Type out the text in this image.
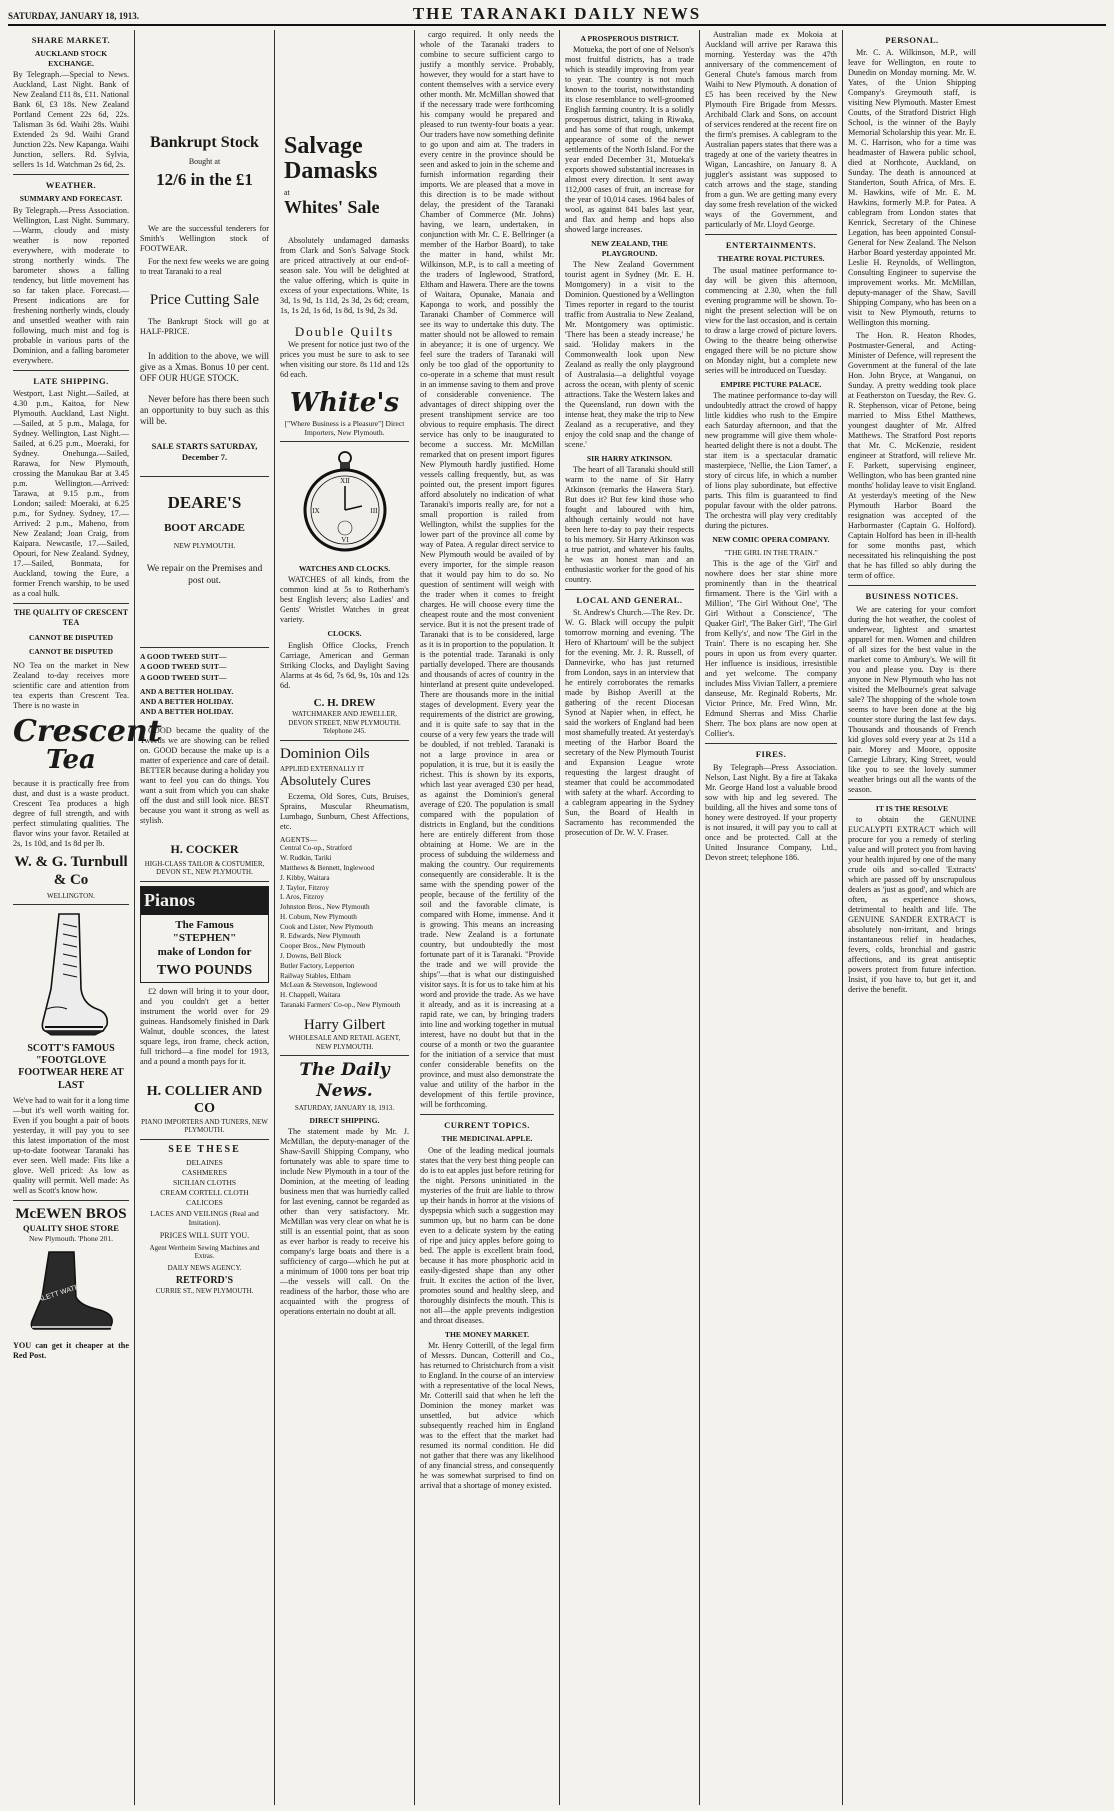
SATURDAY, JANUARY 18, 1913.	THE TARANAKI DAILY NEWS
SHARE MARKET.
AUCKLAND STOCK EXCHANGE.

By Telegraph.—Special to News. Auckland, Last Night. Bank of New Zealand £11 8s, £11. National Bank 6l, £3 18s. New Zealand Portland Cement 22s 6d, 22s. Talisman 3s 6d. Waihi 28s. Waihi Extended 2s 9d. Waihi Grand Junction 22s. New Kapanga. Waihi Junction, sellers. Rd. Sylvia, sellers 1s 1d. Watchman 2s 6d, 2s.

WEATHER.
SUMMARY AND FORECAST.

By Telegraph.—Press Association. Wellington, Last Night. Summary.—Warm, cloudy and misty weather is now reported everywhere, with moderate to strong northerly winds. The barometer shows a falling tendency, but little movement has so far taken place. Forecast.—Present indications are for freshening northerly winds, cloudy and unsettled weather with rain following, much mist and fog is probable in various parts of the Dominion, and a falling barometer everywhere.

LATE SHIPPING.

Westport, Last Night.—Sailed, at 4.30 p.m., Kaitoa, for New Plymouth. Auckland, Last Night.—Sailed, at 5 p.m., Malaga, for Sydney. Wellington, Last Night.—Sailed, at 6.25 p.m., Moeraki, for Sydney. Onehunga.—Sailed, Rarawa, for New Plymouth, crossing the Manukau Bar at 3.45 p.m. Wellington.—Arrived: Tarawa, at 9.15 p.m., from London; sailed: Moeraki, at 6.25 p.m., for Sydney. Sydney, 17.—Arrived: 2 p.m., Maheno, from New Zealand; Joan Craig, from Kaipara. Newcastle, 17.—Sailed, Opouri, for New Zealand. Sydney, 17.—Sailed, Bonmata, for Auckland, towing the Eure, a former French warship, to be used as a coal hulk.

THE QUALITY OF CRESCENT TEA
CANNOT BE DISPUTED
CANNOT BE DISPUTED

NO Tea on the market in New Zealand to-day receives more scientific care and attention from tea experts than Crescent Tea. There is no waste in

Crescent
Tea

because it is practically free from dust, and dust is a waste product. Crescent Tea produces a high degree of full strength, and with perfect stimulating qualities. The flavor wins your favor. Retailed at 2s, 1s 10d, and 1s 8d per lb.

W. & G. Turnbull & Co
WELLINGTON.
SCOTT'S FAMOUS "FOOTGLOVE FOOTWEAR HERE AT LAST

We've had to wait for it a long time—but it's well worth waiting for. Even if you bought a pair of boots yesterday, it will pay you to see this latest importation of the most up-to-date footwear Taranaki has ever seen. Well made: Fits like a glove. Well priced: As low as quality will permit. Well made: As well as Scott's know how.

McEWEN BROS
QUALITY SHOE STORE
New Plymouth. 'Phone 201.
SEALETT WATERPROOF

YOU can get it cheaper at the Red Post.

Bankrupt Stock
Bought at
12/6 in the £1

We are the successful tenderers for Smith's Wellington stock of FOOTWEAR.

For the next few weeks we are going to treat Taranaki to a real

Price Cutting Sale

The Bankrupt Stock will go at HALF-PRICE.

In addition to the above, we will give as a Xmas. Bonus 10 per cent. OFF OUR HUGE STOCK.

Never before has there been such an opportunity to buy such as this will be.

SALE STARTS SATURDAY, December 7.
DEARE'S
BOOT ARCADE
NEW PLYMOUTH.
We repair on the Premises and post out.
A GOOD TWEED SUIT—
A GOOD TWEED SUIT—
A GOOD TWEED SUIT—
AND A BETTER HOLIDAY.
AND A BETTER HOLIDAY.
AND A BETTER HOLIDAY.

GOOD became the quality of the Tweeds we are showing can be relied on. GOOD because the make up is a matter of experience and care of detail. BETTER because during a holiday you want to feel you can do things. You want a suit from which you can shake off the dust and still look nice. BEST because you want it strong as well as stylish.

H. COCKER
HIGH-CLASS TAILOR & COSTUMIER, DEVON ST., NEW PLYMOUTH.
Pianos
The Famous
"STEPHEN"
make of London for
TWO POUNDS

£2 down will bring it to your door, and you couldn't get a better instrument the world over for 29 guineas. Handsomely finished in Dark Walnut, double sconces, the latest square legs, iron frame, check action, full trichord—a fine model for 1913, and a pound a month pays for it.

H. COLLIER AND CO
PIANO IMPORTERS AND TUNERS, NEW PLYMOUTH.
SEE THESE
DELAINES
CASHMERES
SICILIAN CLOTHS
CREAM CORTELL CLOTH
CALICOES
LACES AND VEILINGS (Real and Imitation).
PRICES WILL SUIT YOU.
Agent Wertheim Sewing Machines and Extras.
DAILY NEWS AGENCY.
RETFORD'S
CURRIE ST., NEW PLYMOUTH.
Salvage Damasks
at
Whites' Sale

Absolutely undamaged damasks from Clark and Son's Salvage Stock are priced attractively at our end-of-season sale. You will be delighted at the value offering, which is quite in excess of your expectations. White, 1s 3d, 1s 9d, 1s 11d, 2s 3d, 2s 6d; cream, 1s, 1s 2d, 1s 6d, 1s 8d, 1s 9d, 2s 3d.

Double Quilts

We present for notice just two of the prices you must be sure to ask to see when visiting our store. 8s 11d and 12s 6d each.

White's
["Where Business is a Pleasure"] Direct Importers, New Plymouth.
XII
III
VI
IX
WATCHES AND CLOCKS.

WATCHES of all kinds, from the common kind at 5s to Rotherham's best English levers; also Ladies' and Gents' Wristlet Watches in great variety.

CLOCKS.

English Office Clocks, French Carriage, American and German Striking Clocks, and Daylight Saving Alarms at 4s 6d, 7s 6d, 9s, 10s and 12s 6d.

C. H. DREW
WATCHMAKER AND JEWELLER, DEVON STREET, NEW PLYMOUTH. Telephone 245.
Dominion Oils
APPLIED EXTERNALLY IT
Absolutely Cures

Eczema, Old Sores, Cuts, Bruises, Sprains, Muscular Rheumatism, Lumbago, Sunburn, Chest Affections, etc.

AGENTS—
Central Co-op., Stratford
W. Rudkin, Tariki
Matthews & Bennett, Inglewood
J. Kibby, Waitara
J. Taylor, Fitzroy
I. Aros, Fitzroy
Johnston Bros., New Plymouth
H. Cobum, New Plymouth
Cook and Lister, New Plymouth
R. Edwards, New Plymouth
Cooper Bros., New Plymouth
J. Downs, Bell Block
Butler Factory, Lepperton
Railway Stables, Eltham
McLean & Stevenson, Inglewood
H. Chappell, Waitara
Taranaki Farmers' Co-op., New Plymouth
Harry Gilbert
WHOLESALE AND RETAIL AGENT, NEW PLYMOUTH.
The Daily News.
SATURDAY, JANUARY 18, 1913.
DIRECT SHIPPING.

The statement made by Mr. J. McMillan, the deputy-manager of the Shaw-Savill Shipping Company, who fortunately was able to spare time to include New Plymouth in a tour of the Dominion, at the meeting of leading business men that was hurriedly called for last evening, cannot be regarded as other than very satisfactory. Mr. McMillan was very clear on what he is still is an essential point, that as soon as ever harbor is ready to receive his company's large boats and there is a sufficiency of cargo—which he put at a minimum of 1000 tons per boat trip—the vessels will call. On the readiness of the harbor, those who are acquainted with the progress of operations entertain no doubt at all.

cargo required. It only needs the whole of the Taranaki traders to combine to secure sufficient cargo to justify a monthly service. Probably, however, they would for a start have to content themselves with a service every other month. Mr. McMillan showed that if the necessary trade were forthcoming his company would be prepared and pleased to run twenty-four boats a year. Our traders have now something definite to go upon and aim at. The traders in every centre in the province should be seen and asked to join in the scheme and furnish information regarding their imports. We are pleased that a move in this direction is to be made without delay, the president of the Taranaki Chamber of Commerce (Mr. Johns) having, we learn, undertaken, in conjunction with Mr. C. E. Bellringer (a member of the Harbor Board), to take the matter in hand, whilst Mr. Wilkinson, M.P., is to call a meeting of the traders of Inglewood, Stratford, Eltham and Hawera. There are the towns of Waitara, Opunake, Manaia and Kaponga to work, and possibly the Taranaki Chamber of Commerce will see its way to undertake this duty. The matter should not be allowed to remain in abeyance; it is one of urgency. We feel sure the traders of Taranaki will only be too glad of the opportunity to co-operate in a scheme that must result in an immense saving to them and prove of considerable convenience. The advantages of direct shipping over the present transhipment service are too obvious to require emphasis. The direct service has only to be inaugurated to become a success. Mr. McMillan remarked that on present import figures New Plymouth hardly justified. Home vessels calling frequently, but, as was pointed out, the present import figures afford absolutely no indication of what Taranaki's imports really are, for not a small proportion is railed from Wellington, whilst the supplies for the lower part of the province all come by way of Patea. A regular direct service to New Plymouth would be availed of by every importer, for the simple reason that it would pay him to do so. No question of sentiment will weigh with the trader when it comes to freight charges. He will choose every time the cheapest route and the most convenient service. But it is not the present trade of Taranaki that is to be considered, large as it is in proportion to the population. It is the potential trade. Taranaki is only partially developed. There are thousands and thousands of acres of country in the hinterland at present quite undeveloped. There are thousands more in the initial stages of development. Every year the requirements of the district are growing, and it is quite safe to say that in the course of a very few years the trade will be doubled, if not trebled. Taranaki is not a large province in area or population, it is true, but it is easily the richest. This is shown by its exports, which last year averaged £30 per head, as against the Dominion's general average of £20. The population is small compared with the population of districts in England, but the conditions here are entirely different from those obtaining at Home. We are in the process of subduing the wilderness and making the country. Our requirements consequently are considerable. It is the same with the spending power of the people, because of the fertility of the soil and the favorable climate, is compared with Home, immense. And it is growing. This means an increasing trade. New Zealand is a fortunate country, but undoubtedly the most fortunate part of it is Taranaki. "Provide the trade and we will provide the ships"—that is what our distinguished visitor says. It is for us to take him at his word and provide the trade. As we have it already, and as it is increasing at a rapid rate, we can, by bringing traders into line and working together in mutual interest, have no doubt but that in the course of a month or two the guarantee for the initiation of a service that must confer considerable benefits on the province, and must also demonstrate the value and utility of the harbor in the development of this fertile province, will be forthcoming.

CURRENT TOPICS.
THE MEDICINAL APPLE.

One of the leading medical journals states that the very best thing people can do is to eat apples just before retiring for the night. Persons uninitiated in the mysteries of the fruit are liable to throw up their hands in horror at the visions of dyspepsia which such a suggestion may summon up, but no harm can be done even to a delicate system by the eating of ripe and juicy apples before going to bed. The apple is excellent brain food, because it has more phosphoric acid in easily-digested shape than any other fruit. It excites the action of the liver, promotes sound and healthy sleep, and thoroughly disinfects the mouth. This is not all—the apple prevents indigestion and throat diseases.

THE MONEY MARKET.

Mr. Henry Cotterill, of the legal firm of Messrs. Duncan, Cotterill and Co., has returned to Christchurch from a visit to England. In the course of an interview with a representative of the local News, Mr. Cotterill said that when he left the Dominion the money market was unsettled, but advice which subsequently reached him in England was to the effect that the market had resumed its normal condition. He did not gather that there was any likelihood of any financial stress, and consequently he was somewhat surprised to find on arrival that a shortage of money existed.

A PROSPEROUS DISTRICT.

Motueka, the port of one of Nelson's most fruitful districts, has a trade which is steadily improving from year to year. The country is not much known to the tourist, notwithstanding its close resemblance to well-groomed English farming country. It is a solidly prosperous district, taking in Riwaka, and has some of that rough, unkempt appearance of some of the newer settlements of the North Island. For the year ended December 31, Motueka's exports showed substantial increases in almost every direction. It sent away 112,000 cases of fruit, an increase for the year of 10,014 cases. 1964 bales of wool, as against 841 bales last year, and flax and hemp and hops also showed large increases.

NEW ZEALAND, THE PLAYGROUND.

The New Zealand Government tourist agent in Sydney (Mr. E. H. Montgomery) in a visit to the Dominion. Questioned by a Wellington Times reporter in regard to the tourist traffic from Australia to New Zealand, Mr. Montgomery was optimistic. 'There has been a steady increase,' he said. 'Holiday makers in the Commonwealth look upon New Zealand as really the only playground of Australasia—a delightful voyage across the ocean, with plenty of scenic attractions. Take the Western lakes and the Queensland, run down with the intense heat, they make the trip to New Zealand as a recuperative, and they enjoy the cold snap and the change of scene.'

SIR HARRY ATKINSON.

The heart of all Taranaki should still warm to the name of Sir Harry Atkinson (remarks the Hawera Star). But does it? But few kind those who fought and laboured with him, although certainly would not have been here to-day to pay their respects to his memory. Sir Harry Atkinson was a true patriot, and whatever his faults, he was an honest man and an enthusiastic worker for the good of his country.

LOCAL AND GENERAL.

St. Andrew's Church.—The Rev. Dr. W. G. Black will occupy the pulpit tomorrow morning and evening. 'The Hero of Khartoum' will be the subject for the evening. Mr. J. R. Russell, of Dannevirke, who has just returned from London, says in an interview that he entirely corroborates the remarks made by Bishop Averill at the gathering of the recent Diocesan Synod at Napier when, in effect, he said the workers of England had been most shamefully treated. At yesterday's meeting of the Harbor Board the secretary of the New Plymouth Tourist and Expansion League wrote requesting the largest draught of steamer that could be accommodated with safety at the wharf. According to a cablegram appearing in the Sydney Sun, the Board of Health in Sacramento has recommended the prosecution of Dr. W. V. Fraser.

Australian made ex Mokoia at Auckland will arrive per Rarawa this morning. Yesterday was the 47th anniversary of the commencement of General Chute's famous march from Waihi to New Plymouth. A donation of £5 has been received by the New Plymouth Fire Brigade from Messrs. Archibald Clark and Sons, on account of services rendered at the recent fire on the firm's premises. A cablegram to the Australian papers states that there was a tragedy at one of the variety theatres in Wigan, Lancashire, on January 8. A juggler's assistant was supposed to catch arrows and the stage, standing from a gun. We are getting many every day some fresh revelation of the wicked ways of the Government, and particularly of Mr. Lloyd George.

ENTERTAINMENTS.
THEATRE ROYAL PICTURES.

The usual matinee performance to-day will be given this afternoon, commencing at 2.30, when the full evening programme will be shown. To-night the present selection will be on view for the last occasion, and is certain to draw a large crowd of picture lovers. Owing to the theatre being otherwise engaged there will be no picture show on Monday night, but a complete new series will be introduced on Tuesday.

EMPIRE PICTURE PALACE.

The matinee performance to-day will undoubtedly attract the crowd of happy little kiddies who rush to the Empire each Saturday afternoon, and that the new programme will give them whole-hearted delight there is not a doubt. The star item is a spectacular dramatic masterpiece, 'Nellie, the Lion Tamer', a story of circus life, in which a number of lions play subordinate, but effective parts. This film is guaranteed to find popular favour with the older patrons. The orchestra will play very creditably during the pictures.

NEW COMIC OPERA COMPANY.
"THE GIRL IN THE TRAIN."

This is the age of the 'Girl' and nowhere does her star shine more prominently than in the theatrical firmament. There is the 'Girl with a Million', 'The Girl Without One', 'The Girl Without a Conscience', 'The Quaker Girl', 'The Baker Girl', 'The Girl from Kelly's', and now 'The Girl in the Train'. There is no escaping her. She pours in upon us from every quarter. Her influence is insidious, irresistible and yet welcome. The company includes Miss Vivian Tallerr, a premiere danseuse, Mr. Reginald Roberts, Mr. Victor Prince, Mr. Fred Winn, Mr. Edmund Sherras and Miss Charlie Sherr. The box plans are now open at Collier's.

FIRES.

By Telegraph—Press Association. Nelson, Last Night. By a fire at Takaka Mr. George Hand lost a valuable brood sow with hip and leg severed. The building, all the hives and some tons of honey were destroyed. If your property is not insured, it will pay you to call at once and be protected. Call at the United Insurance Company, Ltd., Devon street; telephone 186.

PERSONAL.

Mr. C. A. Wilkinson, M.P., will leave for Wellington, en route to Dunedin on Monday morning. Mr. W. Yates, of the Union Shipping Company's Greymouth staff, is visiting New Plymouth. Master Ernest Coutts, of the Stratford District High School, is the winner of the Bayly Memorial Scholarship this year. Mr. E. M. C. Harrison, who for a time was headmaster of Hawera public school, died at Northcote, Auckland, on Sunday. The death is announced at Standerton, South Africa, of Mrs. E. M. Hawkins, wife of Mr. E. M. Hawkins, formerly M.P. for Patea. A cablegram from London states that Kenrick, Secretary of the Chinese Legation, has been appointed Consul-General for New Zealand. The Nelson Harbor Board yesterday appointed Mr. Leslie H. Reynolds, of Wellington, Consulting Engineer to supervise the improvement works. Mr. McMillan, deputy-manager of the Shaw, Savill Shipping Company, who has been on a visit to New Plymouth, returns to Wellington this morning.

The Hon. R. Heaton Rhodes, Postmaster-General, and Acting-Minister of Defence, will represent the Government at the funeral of the late Hon. John Bryce, at Wanganui, on Sunday. A pretty wedding took place at Featherston on Tuesday, the Rev. G. R. Stephenson, vicar of Petone, being married to Miss Ethel Matthews, youngest daughter of Mr. Alfred Matthews. The Stratford Post reports that Mr. C. McKenzie, resident engineer at Stratford, will relieve Mr. F. Parkett, supervising engineer, Wellington, who has been granted nine months' holiday leave to visit England. At yesterday's meeting of the New Plymouth Harbor Board the resignation was accepted of the Harbormaster (Captain G. Holford). Captain Holford has been in ill-health for some months past, which necessitated his relinquishing the post that he has filled so ably during the term of office.

BUSINESS NOTICES.

We are catering for your comfort during the hot weather, the coolest of underwear, lightest and smartest apparel for men. Women and children of all sizes for the best value in the market come to Ambury's. We will fit you and please you. Day is there anyone in New Plymouth who has not visited the Melbourne's great salvage sale? The shopping of the whole town seems to have been done at the big counter store during the last few days. Thousands and thousands of French kid gloves sold every year at 2s 11d a pair. Morey and Moore, opposite Carnegie Library, King Street, would like you to see the lovely summer weather brings out all the wants of the season.

IT IS THE RESOLVE

to obtain the GENUINE EUCALYPTI EXTRACT which will procure for you a remedy of sterling value and will protect you from having your health injured by one of the many crude oils and so-called 'Extracts' which are passed off by unscrupulous dealers as 'just as good', and which are often, as experience shows, detrimental to health and life. The GENUINE SANDER EXTRACT is absolutely non-irritant, and brings instantaneous relief in headaches, fevers, colds, bronchial and gastric affections, and its great antiseptic powers protect from future infection. Insist, if you have to, but get it, and derive the benefit.
